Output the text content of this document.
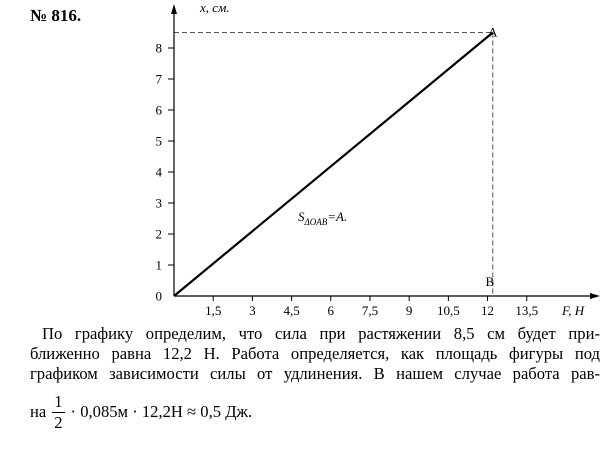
№ 816.
1,5 3 4,5 6 7,5 9 10,5 12 13,5 F, Н
1
2
3
4
5
6
7
8
0
x, см.
A
B
$S_{\Delta OAB}=A$.
По графику определим, что сила при растяжении 8,5 см будет при-
ближенно равна 12,2 Н. Работа определяется, как площадь фигуры под
графиком зависимости силы от удлинения. В нашем случае работа рав-
на $\frac{1}{2} \cdot 0,085м \cdot 12,2Н \approx 0,5$ Дж.
